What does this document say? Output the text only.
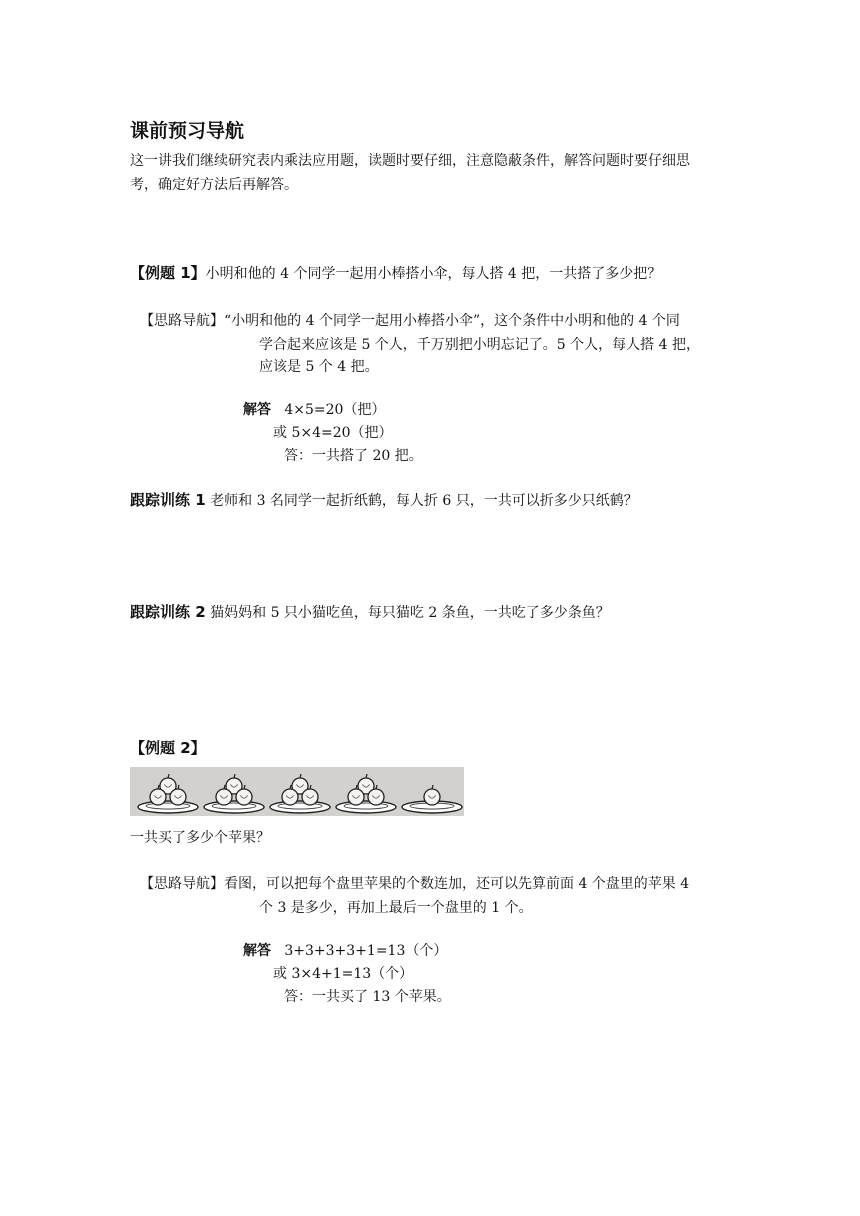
课前预习导航
这一讲我们继续研究表内乘法应用题，读题时要仔细，注意隐蔽条件，解答问题时要仔细思
考，确定好方法后再解答。
【例题 1】小明和他的 4 个同学一起用小棒搭小伞，每人搭 4 把，一共搭了多少把？
【思路导航】“小明和他的 4 个同学一起用小棒搭小伞”，这个条件中小明和他的 4 个同
学合起来应该是 5 个人，千万别把小明忘记了。5 个人，每人搭 4 把，
应该是 5 个 4 把。
解答 4×5=20（把）
或 5×4=20（把）
答：一共搭了 20 把。
跟踪训练 1 老师和 3 名同学一起折纸鹤，每人折 6 只，一共可以折多少只纸鹤？
跟踪训练 2 猫妈妈和 5 只小猫吃鱼，每只猫吃 2 条鱼，一共吃了多少条鱼？
【例题 2】
一共买了多少个苹果？
【思路导航】看图，可以把每个盘里苹果的个数连加，还可以先算前面 4 个盘里的苹果 4
个 3 是多少，再加上最后一个盘里的 1 个。
解答 3+3+3+3+1=13（个）
或 3×4+1=13（个）
答：一共买了 13 个苹果。
